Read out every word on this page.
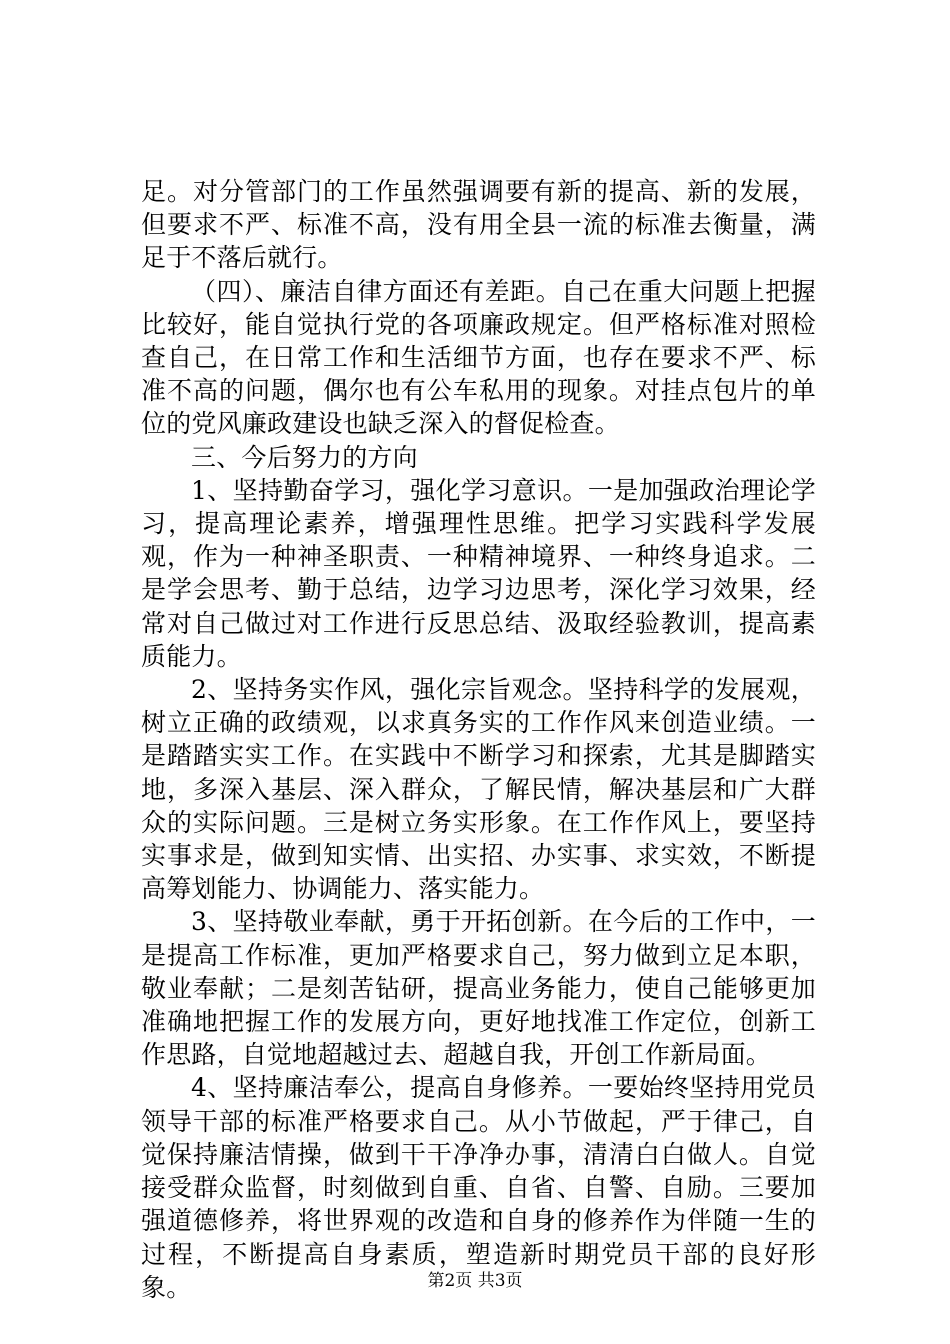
足。对分管部门的工作虽然强调要有新的提高、新的发展，但要求不严、标准不高，没有用全县一流的标准去衡量，满足于不落后就行。

（四）、廉洁自律方面还有差距。自己在重大问题上把握比较好，能自觉执行党的各项廉政规定。但严格标准对照检查自己，在日常工作和生活细节方面，也存在要求不严、标准不高的问题，偶尔也有公车私用的现象。对挂点包片的单位的党风廉政建设也缺乏深入的督促检查。

三、今后努力的方向

1、坚持勤奋学习，强化学习意识。一是加强政治理论学习，提高理论素养，增强理性思维。把学习实践科学发展观，作为一种神圣职责、一种精神境界、一种终身追求。二是学会思考、勤于总结，边学习边思考，深化学习效果，经常对自己做过对工作进行反思总结、汲取经验教训，提高素质能力。

2、坚持务实作风，强化宗旨观念。坚持科学的发展观，树立正确的政绩观，以求真务实的工作作风来创造业绩。一是踏踏实实工作。在实践中不断学习和探索，尤其是脚踏实地，多深入基层、深入群众，了解民情，解决基层和广大群众的实际问题。三是树立务实形象。在工作作风上，要坚持实事求是，做到知实情、出实招、办实事、求实效，不断提高筹划能力、协调能力、落实能力。

3、坚持敬业奉献，勇于开拓创新。在今后的工作中，一是提高工作标准，更加严格要求自己，努力做到立足本职，敬业奉献；二是刻苦钻研，提高业务能力，使自己能够更加准确地把握工作的发展方向，更好地找准工作定位，创新工作思路，自觉地超越过去、超越自我，开创工作新局面。

4、坚持廉洁奉公，提高自身修养。一要始终坚持用党员领导干部的标准严格要求自己。从小节做起，严于律己，自觉保持廉洁情操，做到干干净净办事，清清白白做人。自觉接受群众监督，时刻做到自重、自省、自警、自励。三要加强道德修养，将世界观的改造和自身的修养作为伴随一生的过程，不断提高自身素质，塑造新时期党员干部的良好形象。	第2页 共3页
